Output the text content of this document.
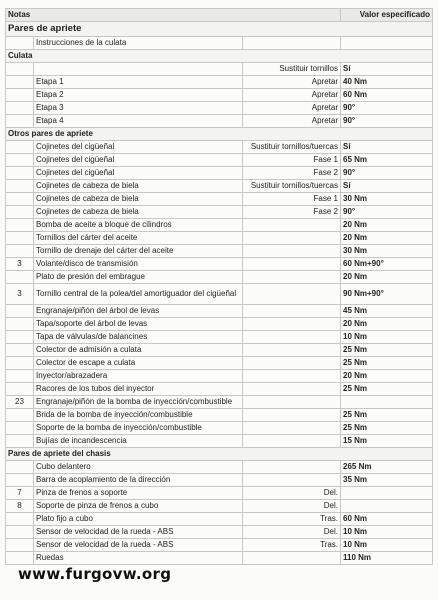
Notas			Valor especificado
Pares de apriete			
	Instrucciones de la culata		
Culata			
		Sustituir tornillos	Sí
	Etapa 1	Apretar	40 Nm
	Etapa 2	Apretar	60 Nm
	Etapa 3	Apretar	90°
	Etapa 4	Apretar	90°
Otros pares de apriete			
	Cojinetes del cigüeñal	Sustituir tornillos/tuercas	Sí
	Cojinetes del cigüeñal	Fase 1	65 Nm
	Cojinetes del cigüeñal	Fase 2	90°
	Cojinetes de cabeza de biela	Sustituir tornillos/tuercas	Sí
	Cojinetes de cabeza de biela	Fase 1	30 Nm
	Cojinetes de cabeza de biela	Fase 2	90°
	Bomba de aceite a bloque de cilindros		20 Nm
	Tornillos del cárter del aceite		20 Nm
	Tornillo de drenaje del cárter del aceite		30 Nm
3	Volante/disco de transmisión		60 Nm+90°
	Plato de presión del embrague		20 Nm
3	Tornillo central de la polea/del amortiguador del cigüeñal		90 Nm+90°
	Engranaje/piñón del árbol de levas		45 Nm
	Tapa/soporte del árbol de levas		20 Nm
	Tapa de válvulas/de balancines		10 Nm
	Colector de admisión a culata		25 Nm
	Colector de escape a culata		25 Nm
	Inyector/abrazadera		20 Nm
	Racores de los tubos del inyector		25 Nm
23	Engranaje/piñón de la bomba de inyección/combustible		
	Brida de la bomba de inyección/combustible		25 Nm
	Soporte de la bomba de inyección/combustible		25 Nm
	Bujías de incandescencia		15 Nm
Pares de apriete del chasis			
	Cubo delantero		265 Nm
	Barra de acoplamiento de la dirección		35 Nm
7	Pinza de frenos a soporte	Del.	
8	Soporte de pinza de frenos a cubo	Del.	
	Plato fijo a cubo	Tras.	60 Nm
	Sensor de velocidad de la rueda - ABS	Del.	10 Nm
	Sensor de velocidad de la rueda - ABS	Tras.	10 Nm
	Ruedas		110 Nm
www.furgovw.org
